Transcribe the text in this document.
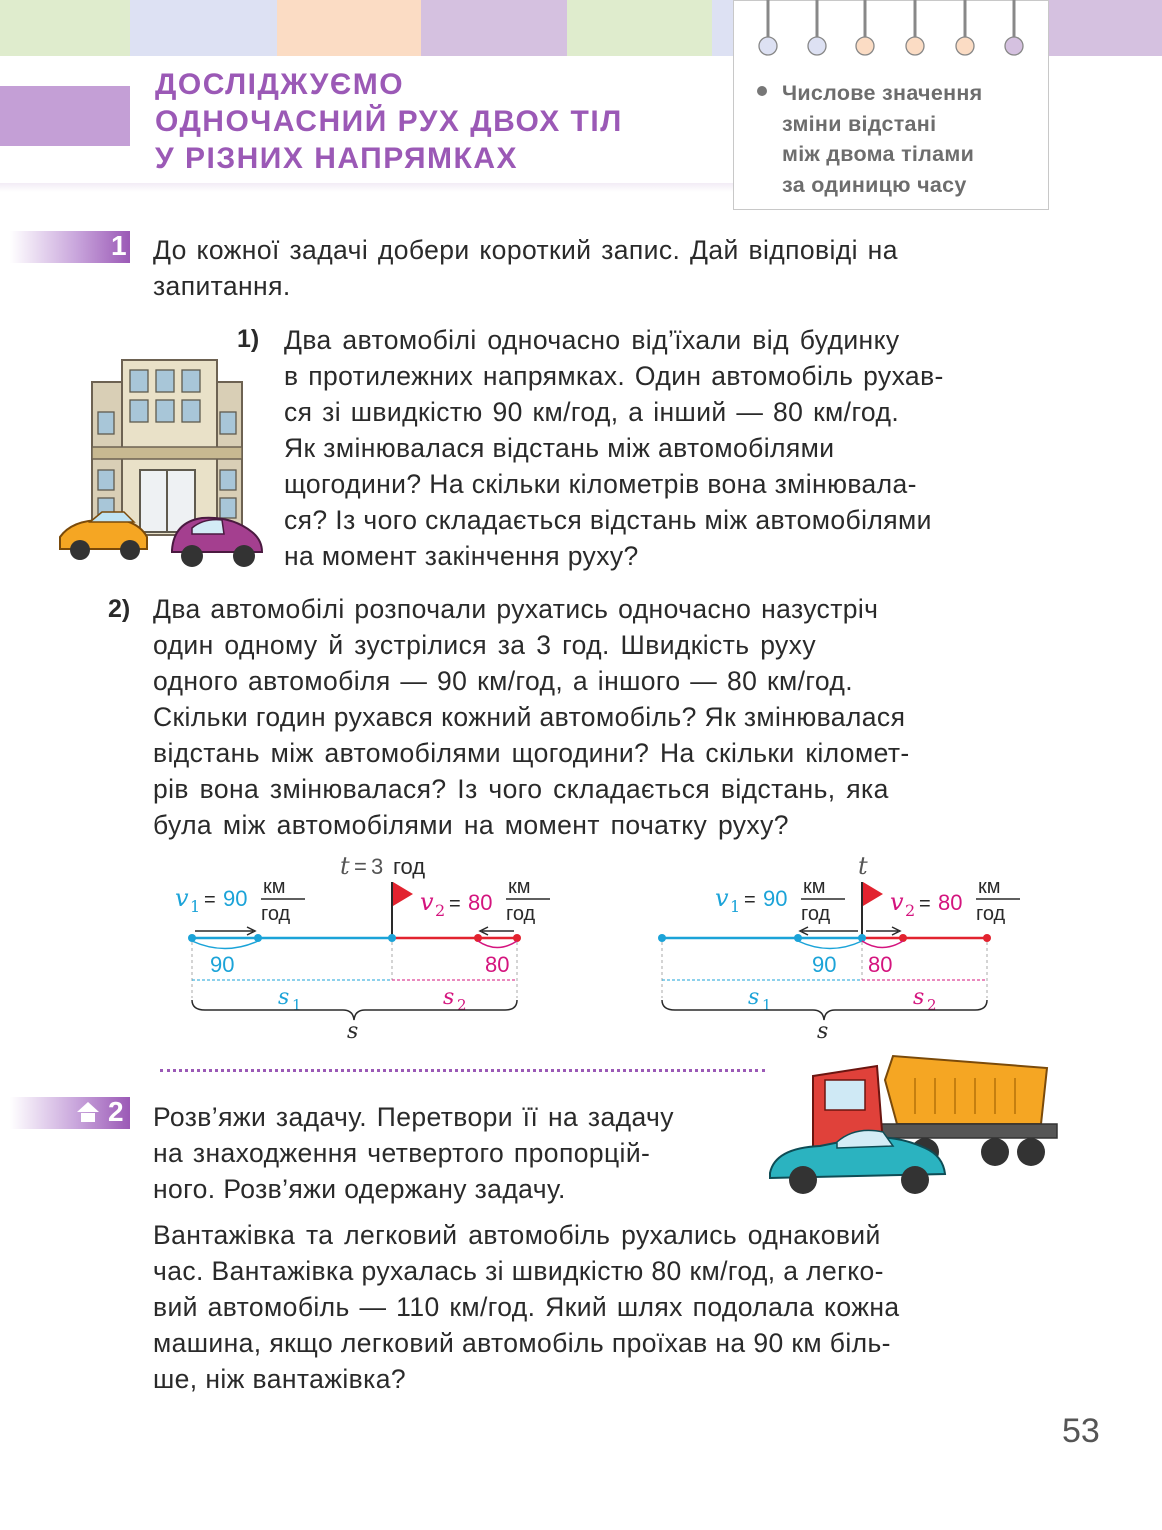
ДОСЛІДЖУЄМО
ОДНОЧАСНИЙ РУХ ДВОХ ТІЛ
У РІЗНИХ НАПРЯМКАХ
Числове значення
зміни відстані
між двома тілами
за одиницю часу
1 До кожної задачі добери короткий запис. Дай відповіді на
запитання.
1) Два автомобілі одночасно від’їхали від будинку
в протилежних напрямках. Один автомобіль рухав-
ся зі швидкістю 90 км/год, а інший — 80 км/год.
Як змінювалася відстань між автомобілями
щогодини? На скільки кілометрів вона змінювала-
ся? Із чого складається відстань між автомобілями
на момент закінчення руху?
2) Два автомобілі розпочали рухатись одночасно назустріч
один одному й зустрілися за 3 год. Швидкість руху
одного автомобіля — 90 км/год, а іншого — 80 км/год.
Скільки годин рухався кожний автомобіль? Як змінювалася
відстань між автомобілями щогодини? На скільки кіломет-
рів вона змінювалася? Із чого складається відстань, яка
була між автомобілями на момент початку руху?
t = 3 год
v 1 = 90 км
год	v 2 = 80
км
год
90	80
s 1	s 2
s
t
v 1 = 90 км
год v 2 = 80
км
год
90 80
s 1	s 2
s
2 Розв’яжи задачу. Перетвори її на задачу
на знаходження четвертого пропорцій-
ного. Розв’яжи одержану задачу.
Вантажівка та легковий автомобіль рухались однаковий
час. Вантажівка рухалась зі швидкістю 80 км/год, а легко-
вий автомобіль — 110 км/год. Який шлях подолала кожна
машина, якщо легковий автомобіль проїхав на 90 км біль-
ше, ніж вантажівка?
53
